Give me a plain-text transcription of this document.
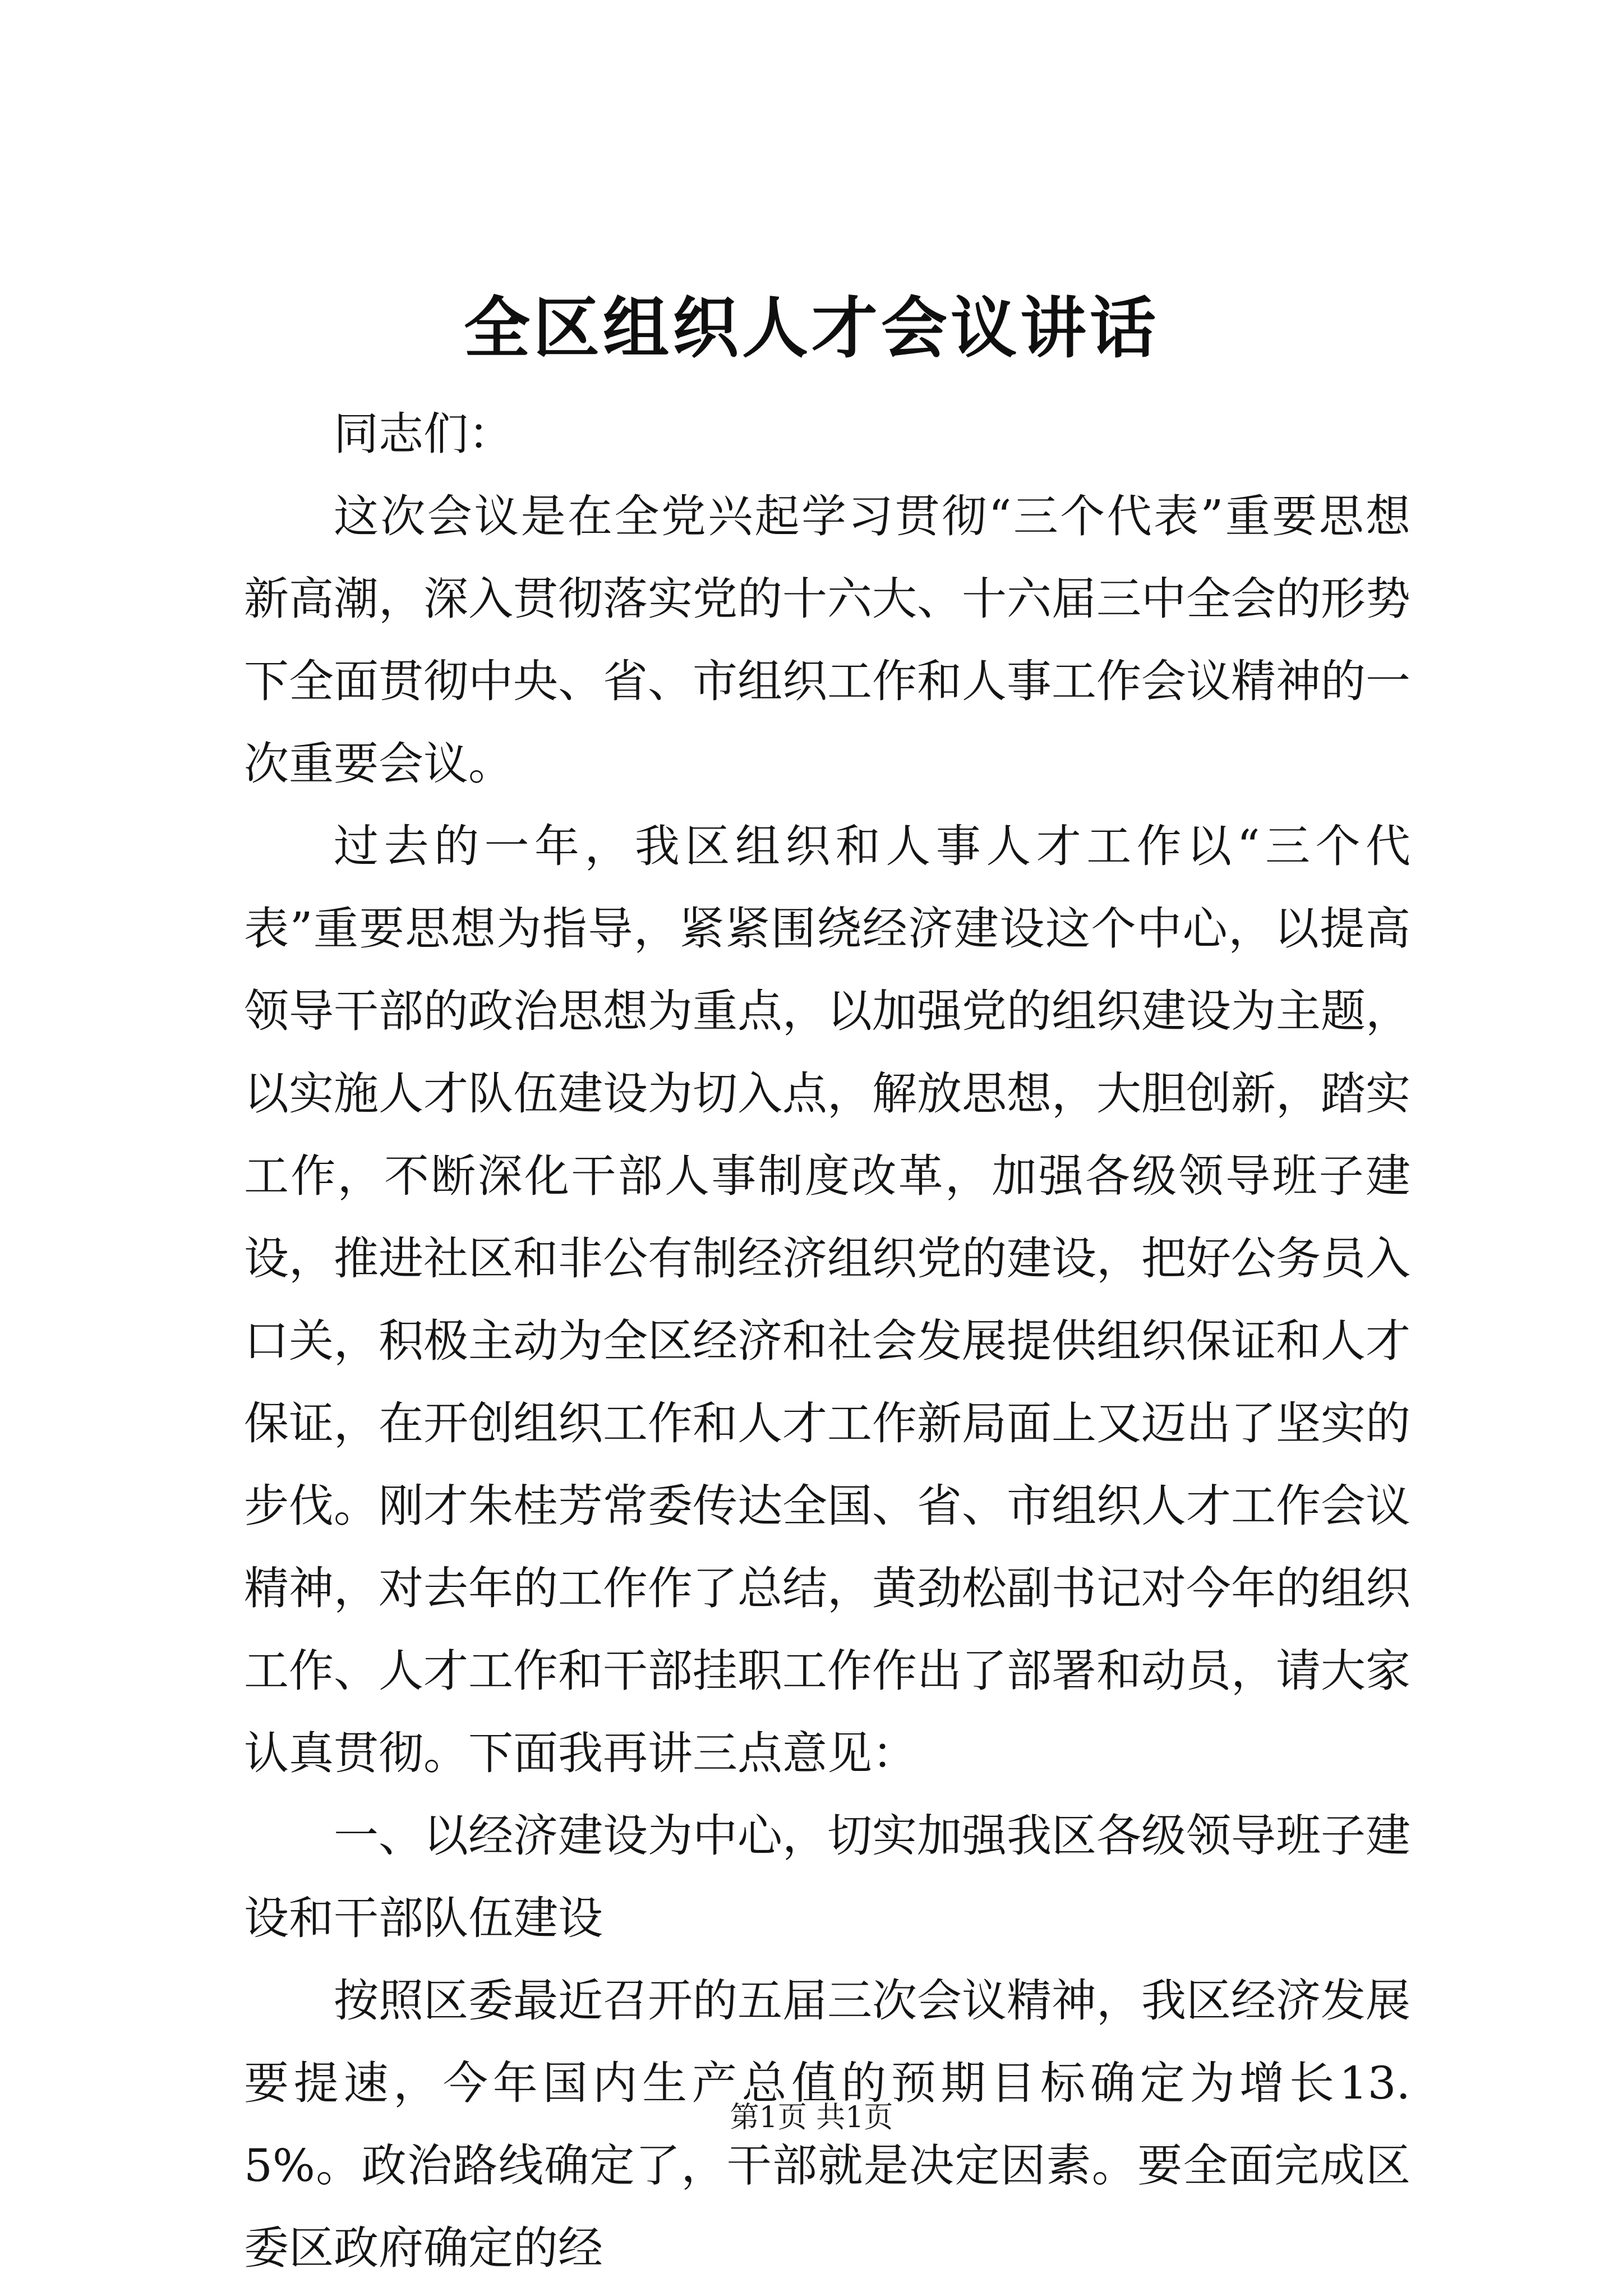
全区组织人才会议讲话

同志们：

这次会议是在全党兴起学习贯彻“三个代表”重要思想新高潮，深入贯彻落实党的十六大、十六届三中全会的形势下全面贯彻中央、省、市组织工作和人事工作会议精神的一次重要会议。

过去的一年，我区组织和人事人才工作以“三个代表”重要思想为指导，紧紧围绕经济建设这个中心，以提高领导干部的政治思想为重点，以加强党的组织建设为主题，以实施人才队伍建设为切入点，解放思想，大胆创新，踏实工作，不断深化干部人事制度改革，加强各级领导班子建设，推进社区和非公有制经济组织党的建设，把好公务员入口关，积极主动为全区经济和社会发展提供组织保证和人才保证，在开创组织工作和人才工作新局面上又迈出了坚实的步伐。刚才朱桂芳常委传达全国、省、市组织人才工作会议精神，对去年的工作作了总结，黄劲松副书记对今年的组织工作、人才工作和干部挂职工作作出了部署和动员，请大家认真贯彻。下面我再讲三点意见：

一、以经济建设为中心，切实加强我区各级领导班子建设和干部队伍建设

按照区委最近召开的五届三次会议精神，我区经济发展要提速，今年国内生产总值的预期目标确定为增长13.5%。政治路线确定了，干部就是决定因素。要全面完成区委区政府确定的经

第1页 共1页
